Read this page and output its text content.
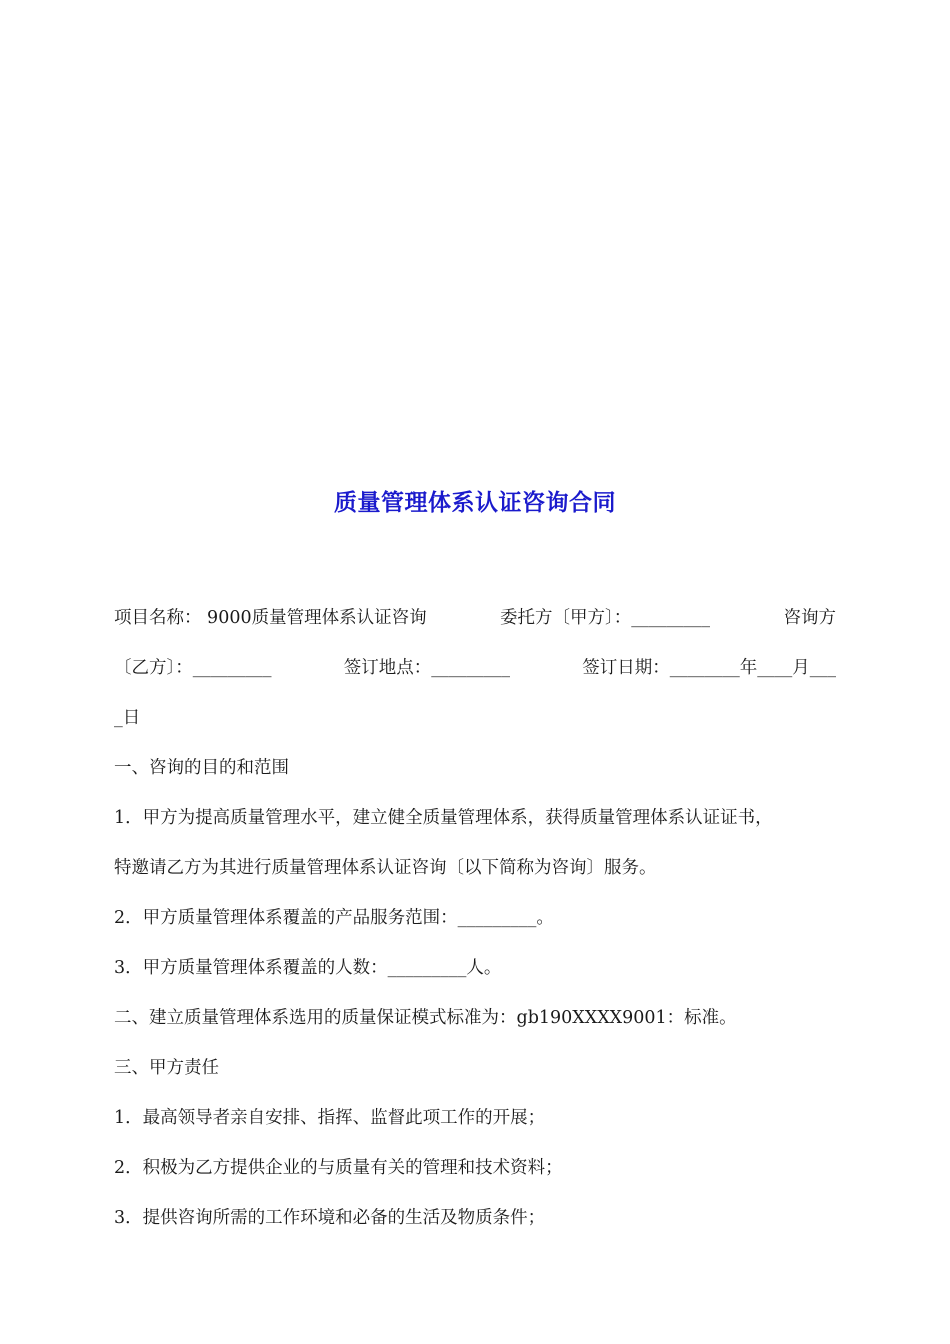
质量管理体系认证咨询合同
项目名称： 9000质量管理体系认证咨询	委托方〔甲方〕：_________	咨询方
〔乙方〕：_________	签订地点：_________	签订日期：________年____月___
_日
一、咨询的目的和范围
1．甲方为提高质量管理水平，建立健全质量管理体系，获得质量管理体系认证证书，
特邀请乙方为其进行质量管理体系认证咨询〔以下简称为咨询〕服务。
2．甲方质量管理体系覆盖的产品服务范围：_________。
3．甲方质量管理体系覆盖的人数：_________人。
二、建立质量管理体系选用的质量保证模式标准为：gb190XXXX9001：标准。
三、甲方责任
1．最高领导者亲自安排、指挥、监督此项工作的开展；
2．积极为乙方提供企业的与质量有关的管理和技术资料；
3．提供咨询所需的工作环境和必备的生活及物质条件；
